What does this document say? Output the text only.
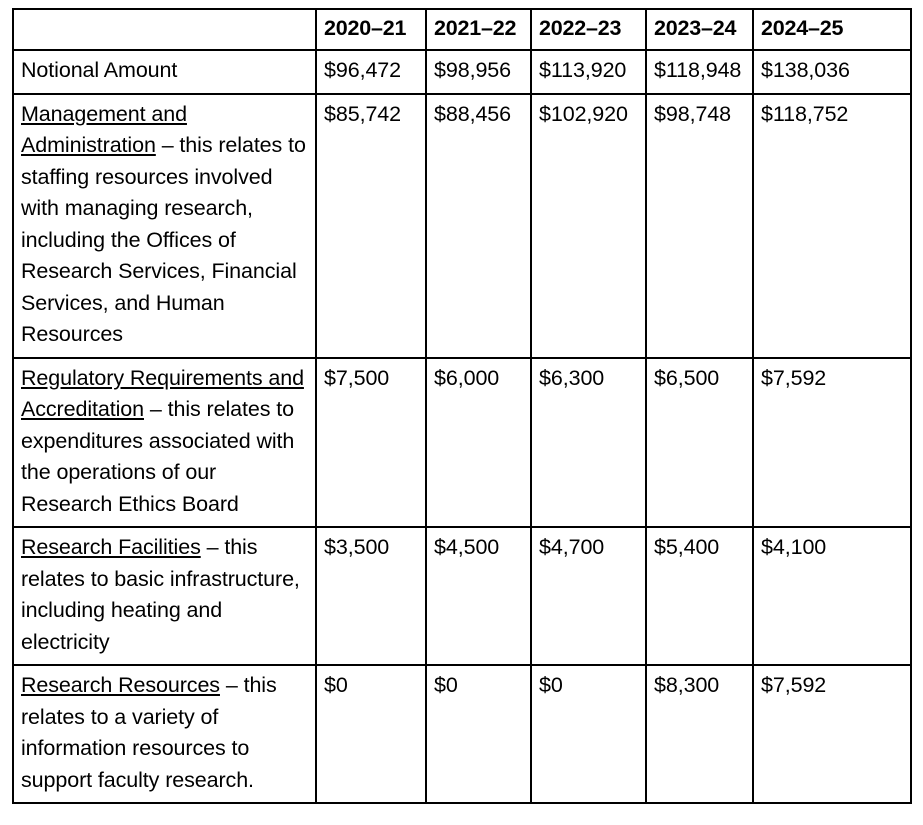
	2020–21	2021–22	2022–23	2023–24	2024–25
Notional Amount	$96,472	$98,956	$113,920	$118,948	$138,036
Management and Administration – this relates to staffing resources involved with managing research, including the Offices of Research Services, Financial Services, and Human Resources	$85,742	$88,456	$102,920	$98,748	$118,752
Regulatory Requirements and Accreditation – this relates to expenditures associated with the operations of our Research Ethics Board	$7,500	$6,000	$6,300	$6,500	$7,592
Research Facilities – this relates to basic infrastructure, including heating and electricity	$3,500	$4,500	$4,700	$5,400	$4,100
Research Resources – this relates to a variety of information resources to support faculty research.	$0	$0	$0	$8,300	$7,592
